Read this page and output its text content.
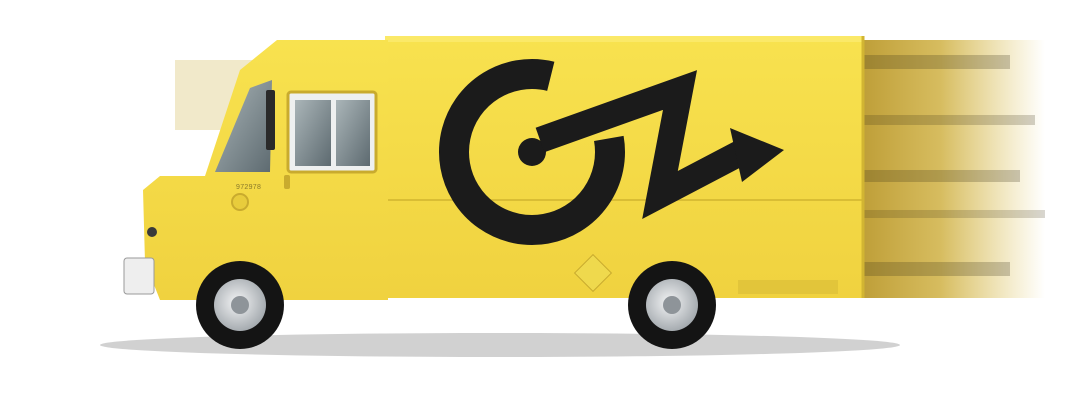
972978
